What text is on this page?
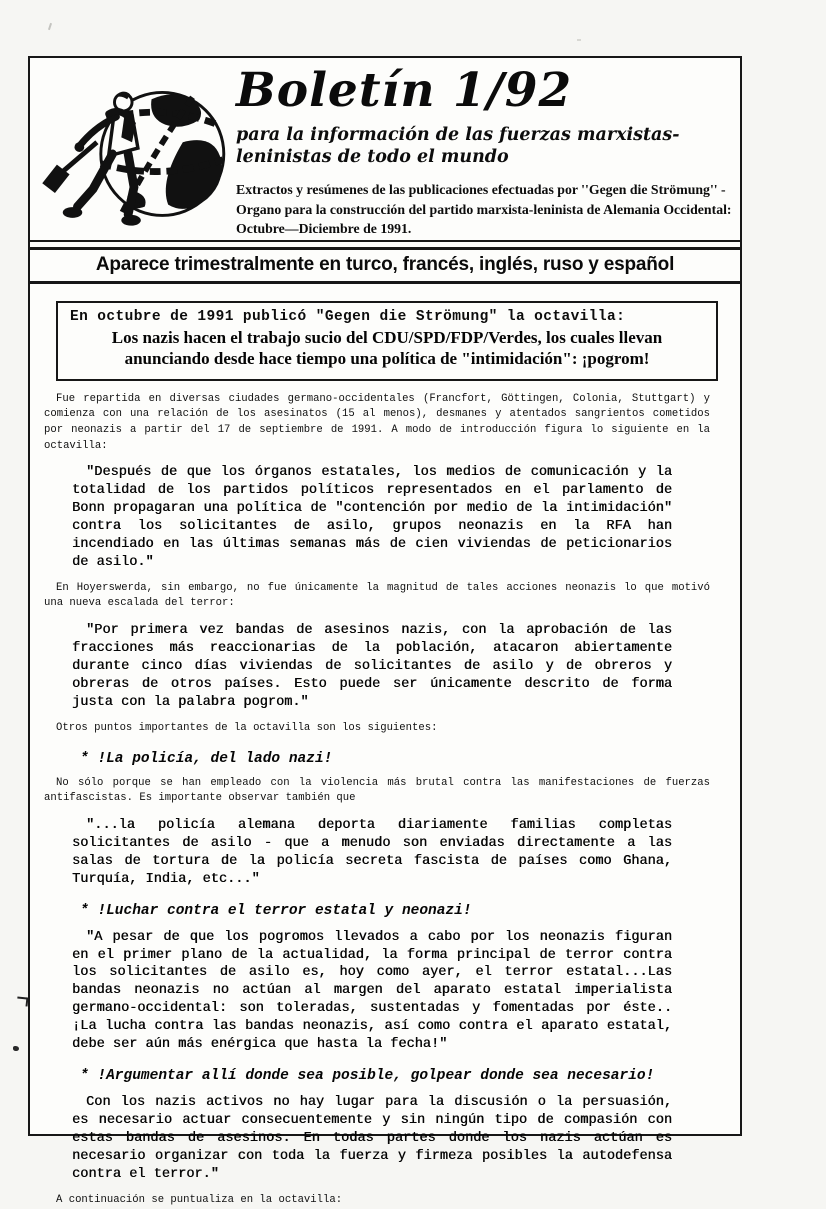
Boletín 1/92
para la información de las fuerzas marxistas-leninistas de todo el mundo
Extractos y resúmenes de las publicaciones efectuadas por ''Gegen die Strömung'' - Organo para la construcción del partido marxista-leninista de Alemania Occidental: Octubre—Diciembre de 1991.
Aparece trimestralmente en turco, francés, inglés, ruso y español
En octubre de 1991 publicó "Gegen die Strömung" la octavilla:
Los nazis hacen el trabajo sucio del CDU/SPD/FDP/Verdes, los cuales llevan anunciando desde hace tiempo una política de "intimidación": ¡pogrom!
Fue repartida en diversas ciudades germano-occidentales (Francfort, Göttingen, Colonia, Stuttgart) y comienza con una relación de los asesinatos (15 al menos), desmanes y atentados sangrientos cometidos por neonazis a partir del 17 de septiembre de 1991. A modo de introducción figura lo siguiente en la octavilla:
"Después de que los órganos estatales, los medios de comunicación y la totalidad de los partidos políticos representados en el parlamento de Bonn propagaran una política de "contención por medio de la intimidación" contra los solicitantes de asilo, grupos neonazis en la RFA han incendiado en las últimas semanas más de cien viviendas de peticionarios de asilo."
En Hoyerswerda, sin embargo, no fue únicamente la magnitud de tales acciones neonazis lo que motivó una nueva escalada del terror:
"Por primera vez bandas de asesinos nazis, con la aprobación de las fracciones más reaccionarias de la población, atacaron abiertamente durante cinco días viviendas de solicitantes de asilo y de obreros y obreras de otros países. Esto puede ser únicamente descrito de forma justa con la palabra pogrom."
Otros puntos importantes de la octavilla son los siguientes:
* !La policía, del lado nazi!
No sólo porque se han empleado con la violencia más brutal contra las manifestaciones de fuerzas antifascistas. Es importante observar también que
"...la policía alemana deporta diariamente familias completas solicitantes de asilo - que a menudo son enviadas directamente a las salas de tortura de la policía secreta fascista de países como Ghana, Turquía, India, etc..."
* !Luchar contra el terror estatal y neonazi!
"A pesar de que los pogromos llevados a cabo por los neonazis figuran en el primer plano de la actualidad, la forma principal de terror contra los solicitantes de asilo es, hoy como ayer, el terror estatal...Las bandas neonazis no actúan al margen del aparato estatal imperialista germano-occidental: son toleradas, sustentadas y fomentadas por éste.. ¡La lucha contra las bandas neonazis, así como contra el aparato estatal, debe ser aún más enérgica que hasta la fecha!"
* !Argumentar allí donde sea posible, golpear donde sea necesario!
Con los nazis activos no hay lugar para la discusión o la persuasión, es necesario actuar consecuentemente y sin ningún tipo de compasión con estas bandas de asesinos. En todas partes donde los nazis actúan es necesario organizar con toda la fuerza y firmeza posibles la autodefensa contra el terror."
A continuación se puntualiza en la octavilla:
